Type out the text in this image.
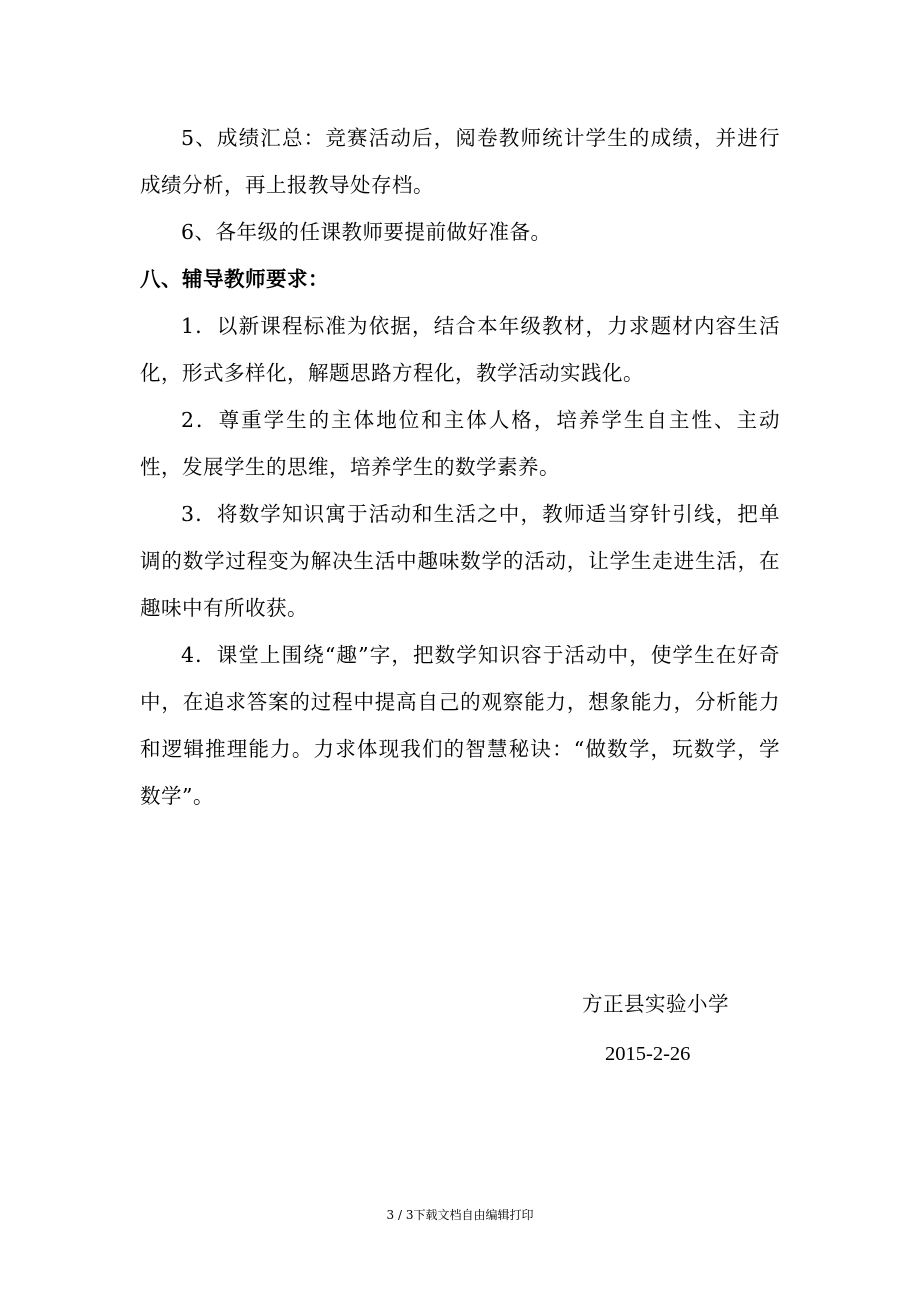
5、成绩汇总：竞赛活动后，阅卷教师统计学生的成绩，并进行成绩分析，再上报教导处存档。

6、各年级的任课教师要提前做好准备。

八、辅导教师要求：

1．以新课程标准为依据，结合本年级教材，力求题材内容生活化，形式多样化，解题思路方程化，教学活动实践化。

2．尊重学生的主体地位和主体人格，培养学生自主性、主动性，发展学生的思维，培养学生的数学素养。

3．将数学知识寓于活动和生活之中，教师适当穿针引线，把单调的数学过程变为解决生活中趣味数学的活动，让学生走进生活，在趣味中有所收获。

4．课堂上围绕“趣”字，把数学知识容于活动中，使学生在好奇中，在追求答案的过程中提高自己的观察能力，想象能力，分析能力和逻辑推理能力。力求体现我们的智慧秘诀：“做数学，玩数学，学数学”。

方正县实验小学
2015-2-26
3 / 3下载文档自由编辑打印
